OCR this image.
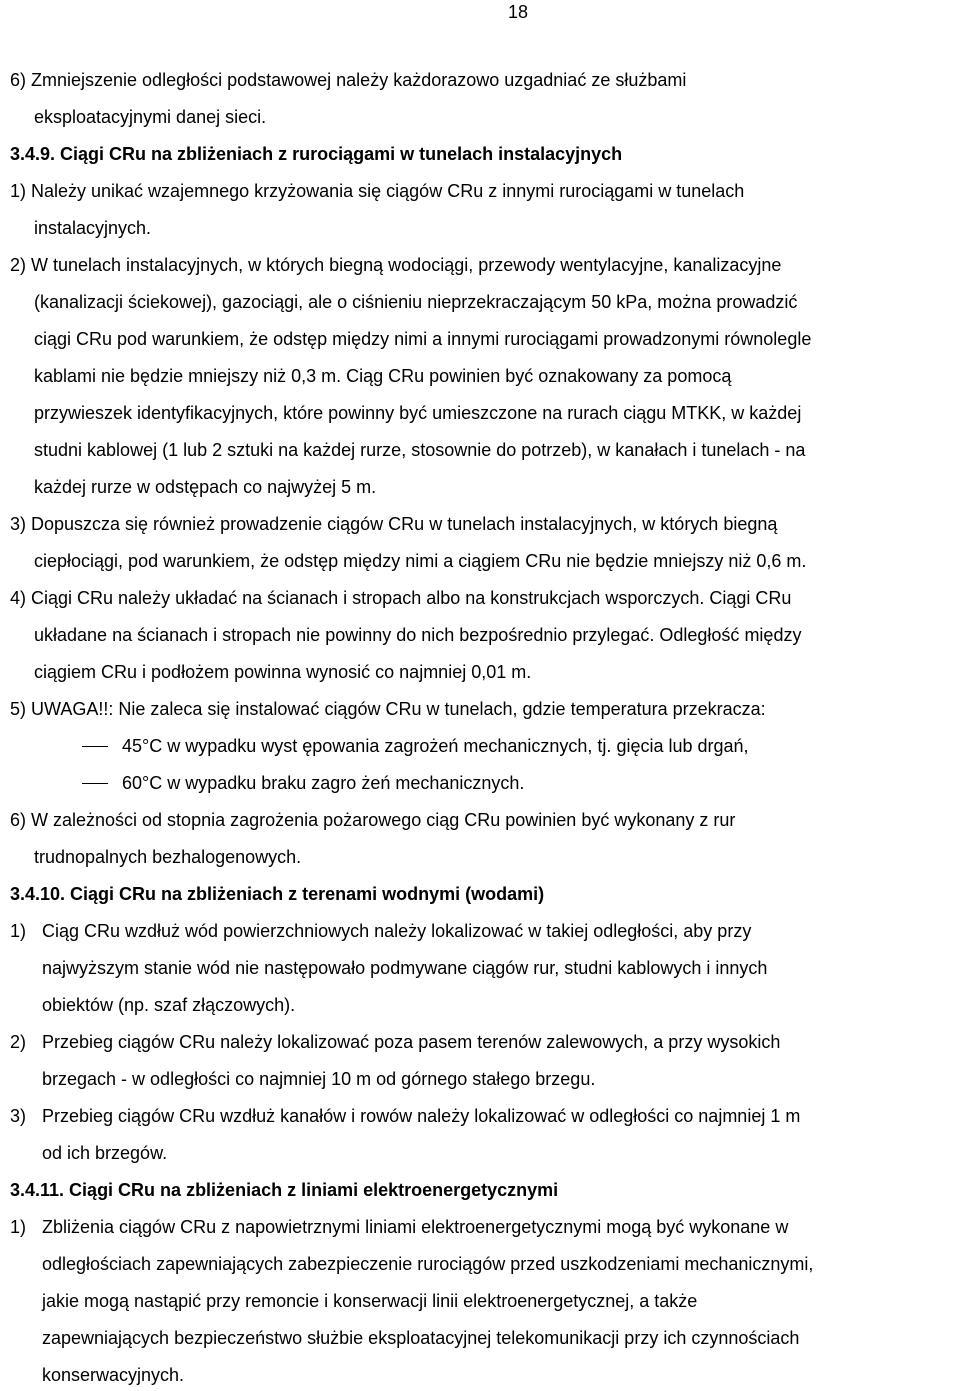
18
6) Zmniejszenie odległości podstawowej należy każdorazowo uzgadniać ze służbami
eksploatacyjnymi danej sieci.
3.4.9. Ciągi CRu na zbliżeniach z rurociągami w tunelach instalacyjnych
1) Należy unikać wzajemnego krzyżowania się ciągów CRu z innymi rurociągami w tunelach
instalacyjnych.
2) W tunelach instalacyjnych, w których biegną wodociągi, przewody wentylacyjne, kanalizacyjne
(kanalizacji ściekowej), gazociągi, ale o ciśnieniu nieprzekraczającym 50 kPa, można prowadzić
ciągi CRu pod warunkiem, że odstęp między nimi a innymi rurociągami prowadzonymi równolegle
kablami nie będzie mniejszy niż 0,3 m. Ciąg CRu powinien być oznakowany za pomocą
przywieszek identyfikacyjnych, które powinny być umieszczone na rurach ciągu MTKK, w każdej
studni kablowej (1 lub 2 sztuki na każdej rurze, stosownie do potrzeb), w kanałach i tunelach - na
każdej rurze w odstępach co najwyżej 5 m.
3) Dopuszcza się również prowadzenie ciągów CRu w tunelach instalacyjnych, w których biegną
ciepłociągi, pod warunkiem, że odstęp między nimi a ciągiem CRu nie będzie mniejszy niż 0,6 m.
4) Ciągi CRu należy układać na ścianach i stropach albo na konstrukcjach wsporczych. Ciągi CRu
układane na ścianach i stropach nie powinny do nich bezpośrednio przylegać. Odległość między
ciągiem CRu i podłożem powinna wynosić co najmniej 0,01 m.
5) UWAGA!!: Nie zaleca się instalować ciągów CRu w tunelach, gdzie temperatura przekracza:
45°C w wypadku wyst ępowania zagrożeń mechanicznych, tj. gięcia lub drgań,
60°C w wypadku braku zagro żeń mechanicznych.
6) W zależności od stopnia zagrożenia pożarowego ciąg CRu powinien być wykonany z rur
trudnopalnych bezhalogenowych.
3.4.10. Ciągi CRu na zbliżeniach z terenami wodnymi (wodami)
1) Ciąg CRu wzdłuż wód powierzchniowych należy lokalizować w takiej odległości, aby przy
najwyższym stanie wód nie następowało podmywane ciągów rur, studni kablowych i innych
obiektów (np. szaf złączowych).
2) Przebieg ciągów CRu należy lokalizować poza pasem terenów zalewowych, a przy wysokich
brzegach - w odległości co najmniej 10 m od górnego stałego brzegu.
3) Przebieg ciągów CRu wzdłuż kanałów i rowów należy lokalizować w odległości co najmniej 1 m
od ich brzegów.
3.4.11. Ciągi CRu na zbliżeniach z liniami elektroenergetycznymi
1) Zbliżenia ciągów CRu z napowietrznymi liniami elektroenergetycznymi mogą być wykonane w
odległościach zapewniających zabezpieczenie rurociągów przed uszkodzeniami mechanicznymi,
jakie mogą nastąpić przy remoncie i konserwacji linii elektroenergetycznej, a także
zapewniających bezpieczeństwo służbie eksploatacyjnej telekomunikacji przy ich czynnościach
konserwacyjnych.
